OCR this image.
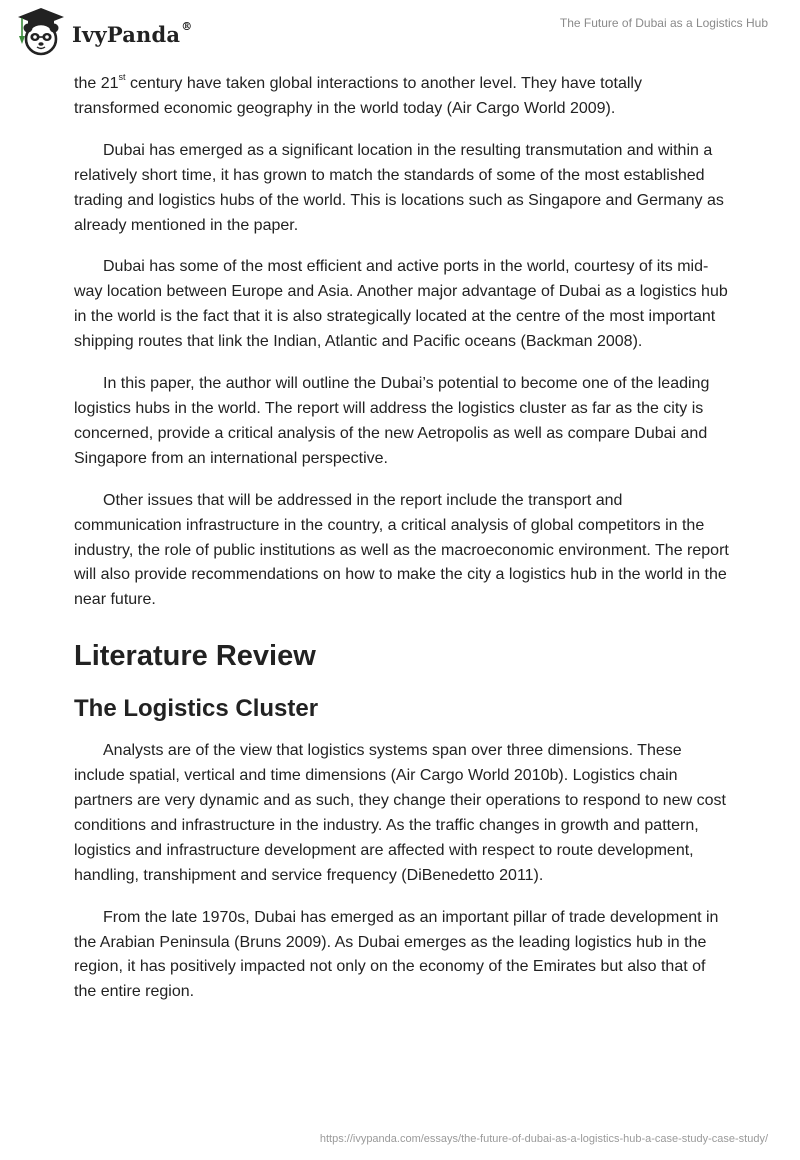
IvyPanda®	The Future of Dubai as a Logistics Hub

the 21st century have taken global interactions to another level. They have totally transformed economic geography in the world today (Air Cargo World 2009).

Dubai has emerged as a significant location in the resulting transmutation and within a relatively short time, it has grown to match the standards of some of the most established trading and logistics hubs of the world. This is locations such as Singapore and Germany as already mentioned in the paper.

Dubai has some of the most efficient and active ports in the world, courtesy of its mid- way location between Europe and Asia. Another major advantage of Dubai as a logistics hub in the world is the fact that it is also strategically located at the centre of the most important shipping routes that link the Indian, Atlantic and Pacific oceans (Backman 2008).

In this paper, the author will outline the Dubai’s potential to become one of the leading logistics hubs in the world. The report will address the logistics cluster as far as the city is concerned, provide a critical analysis of the new Aetropolis as well as compare Dubai and Singapore from an international perspective.

Other issues that will be addressed in the report include the transport and communication infrastructure in the country, a critical analysis of global competitors in the industry, the role of public institutions as well as the macroeconomic environment. The report will also provide recommendations on how to make the city a logistics hub in the world in the near future.

Literature Review
The Logistics Cluster

Analysts are of the view that logistics systems span over three dimensions. These include spatial, vertical and time dimensions (Air Cargo World 2010b). Logistics chain partners are very dynamic and as such, they change their operations to respond to new cost conditions and infrastructure in the industry. As the traffic changes in growth and pattern, logistics and infrastructure development are affected with respect to route development, handling, transhipment and service frequency (DiBenedetto 2011).

From the late 1970s, Dubai has emerged as an important pillar of trade development in the Arabian Peninsula (Bruns 2009). As Dubai emerges as the leading logistics hub in the region, it has positively impacted not only on the economy of the Emirates but also that of the entire region.

https://ivypanda.com/essays/the-future-of-dubai-as-a-logistics-hub-a-case-study-case-study/
